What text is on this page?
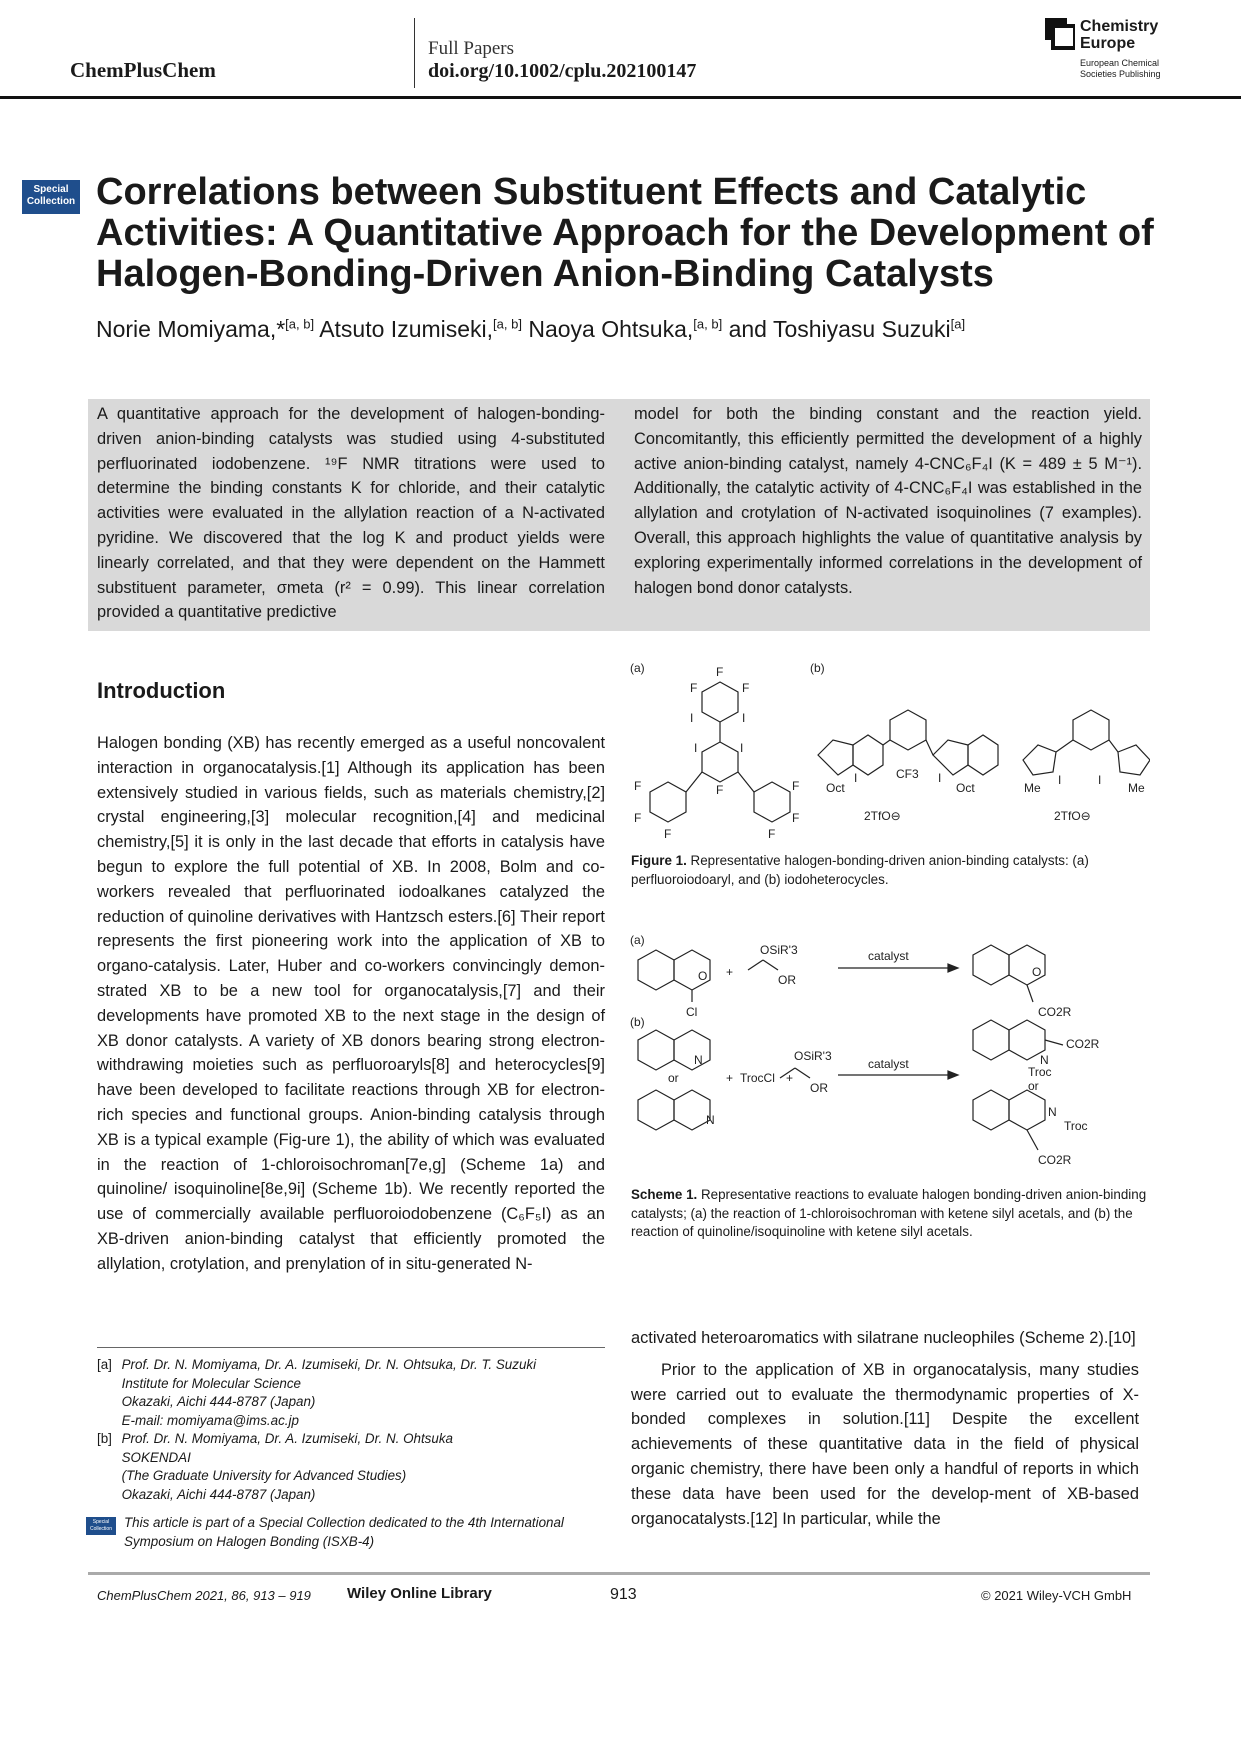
ChemPlusChem
Full Papers
doi.org/10.1002/cplu.202100147
Chemistry
Europe
European Chemical
Societies Publishing
Special
Collection Correlations between Substituent Effects and Catalytic Activities: A Quantitative Approach for the Development of Halogen-Bonding-Driven Anion-Binding Catalysts
Norie Momiyama,*[a, b] Atsuto Izumiseki,[a, b] Naoya Ohtsuka,[a, b] and Toshiyasu Suzuki[a]
A quantitative approach for the development of halogen-bonding-driven anion-binding catalysts was studied using 4-substituted perfluorinated iodobenzene. ¹⁹F NMR titrations were used to determine the binding constants K for chloride, and their catalytic activities were evaluated in the allylation reaction of a N-activated pyridine. We discovered that the log K and product yields were linearly correlated, and that they were dependent on the Hammett substituent parameter, σmeta (r² = 0.99). This linear correlation provided a quantitative predictive
model for both the binding constant and the reaction yield. Concomitantly, this efficiently permitted the development of a highly active anion-binding catalyst, namely 4-CNC₆F₄I (K = 489 ± 5 M⁻¹). Additionally, the catalytic activity of 4-CNC₆F₄I was established in the allylation and crotylation of N-activated isoquinolines (7 examples). Overall, this approach highlights the value of quantitative analysis by exploring experimentally informed correlations in the development of halogen bond donor catalysts.
Introduction
Halogen bonding (XB) has recently emerged as a useful noncovalent interaction in organocatalysis.[1] Although its application has been extensively studied in various fields, such as materials chemistry,[2] crystal engineering,[3] molecular recognition,[4] and medicinal chemistry,[5] it is only in the last decade that efforts in catalysis have begun to explore the full potential of XB. In 2008, Bolm and co-workers revealed that perfluorinated iodoalkanes catalyzed the reduction of quinoline derivatives with Hantzsch esters.[6] Their report represents the first pioneering work into the application of XB to organo-catalysis. Later, Huber and co-workers convincingly demon-strated XB to be a new tool for organocatalysis,[7] and their developments have promoted XB to the next stage in the design of XB donor catalysts. A variety of XB donors bearing strong electron-withdrawing moieties such as perfluoroaryls[8] and heterocycles[9] have been developed to facilitate reactions through XB for electron-rich species and functional groups. Anion-binding catalysis through XB is a typical example (Fig-ure 1), the ability of which was evaluated in the reaction of 1-chloroisochroman[7e,g] (Scheme 1a) and quinoline/ isoquinoline[8e,9i] (Scheme 1b). We recently reported the use of commercially available perfluoroiodobenzene (C₆F₅I) as an XB-driven anion-binding catalyst that efficiently promoted the allylation, crotylation, and prenylation of in situ-generated N-
[a] Prof. Dr. N. Momiyama, Dr. A. Izumiseki, Dr. N. Ohtsuka, Dr. T. Suzuki
Institute for Molecular Science
Okazaki, Aichi 444-8787 (Japan)
E-mail: momiyama@ims.ac.jp
[b] Prof. Dr. N. Momiyama, Dr. A. Izumiseki, Dr. N. Ohtsuka
SOKENDAI
(The Graduate University for Advanced Studies)
Okazaki, Aichi 444-8787 (Japan)
Special
Collection This article is part of a Special Collection dedicated to the 4th International Symposium on Halogen Bonding (ISXB-4)
(a)	(b)
F
F	F
I	I
I	I
F
F
F
F
F
F
F
Oct
CF3
Oct
I	I
2TfO⊖
Me	Me
I	I
2TfO⊖
Figure 1. Representative halogen-bonding-driven anion-binding catalysts: (a) perfluoroiodoaryl, and (b) iodoheterocycles.
(a)
O
Cl
+
OSiR'3
OR
catalyst
O
CO2R
(b)
N
or
N
+ TrocCl +
OSiR'3
OR
catalyst	N
Troc
CO2R
or
N
Troc
CO2R
Scheme 1. Representative reactions to evaluate halogen bonding-driven anion-binding catalysts; (a) the reaction of 1-chloroisochroman with ketene silyl acetals, and (b) the reaction of quinoline/isoquinoline with ketene silyl acetals.
activated heteroaromatics with silatrane nucleophiles (Scheme 2).[10]
Prior to the application of XB in organocatalysis, many studies were carried out to evaluate the thermodynamic properties of X-bonded complexes in solution.[11] Despite the excellent achievements of these quantitative data in the field of physical organic chemistry, there have been only a handful of reports in which these data have been used for the develop-ment of XB-based organocatalysts.[12] In particular, while the
ChemPlusChem 2021, 86, 913 – 919 Wiley Online Library	913	© 2021 Wiley-VCH GmbH
